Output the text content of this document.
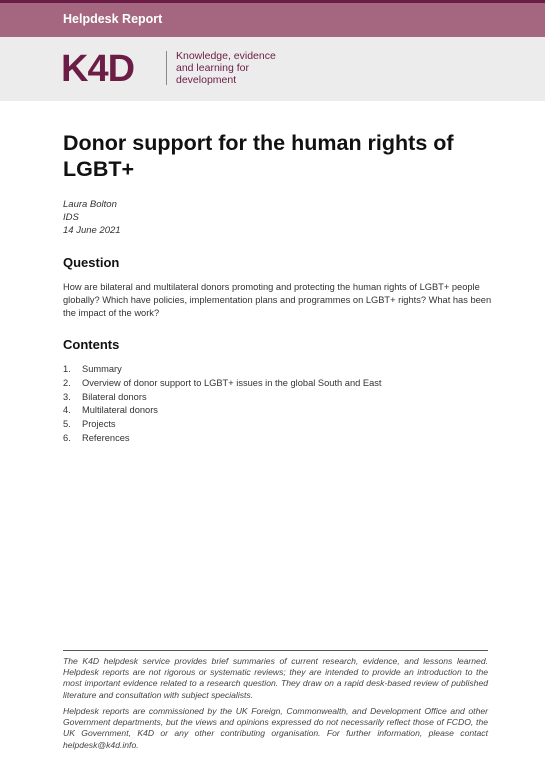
Helpdesk Report
K4D	Knowledge, evidence
and learning for
development
Donor support for the human rights of LGBT+
Laura Bolton
IDS
14 June 2021
Question

How are bilateral and multilateral donors promoting and protecting the human rights of LGBT+ people globally? Which have policies, implementation plans and programmes on LGBT+ rights? What has been the impact of the work?

Contents
1.	Summary
2.	Overview of donor support to LGBT+ issues in the global South and East
3.	Bilateral donors
4.	Multilateral donors
5.	Projects
6.	References

The K4D helpdesk service provides brief summaries of current research, evidence, and lessons learned. Helpdesk reports are not rigorous or systematic reviews; they are intended to provide an introduction to the most important evidence related to a research question. They draw on a rapid desk-based review of published literature and consultation with subject specialists.

Helpdesk reports are commissioned by the UK Foreign, Commonwealth, and Development Office and other Government departments, but the views and opinions expressed do not necessarily reflect those of FCDO, the UK Government, K4D or any other contributing organisation. For further information, please contact helpdesk@k4d.info.
